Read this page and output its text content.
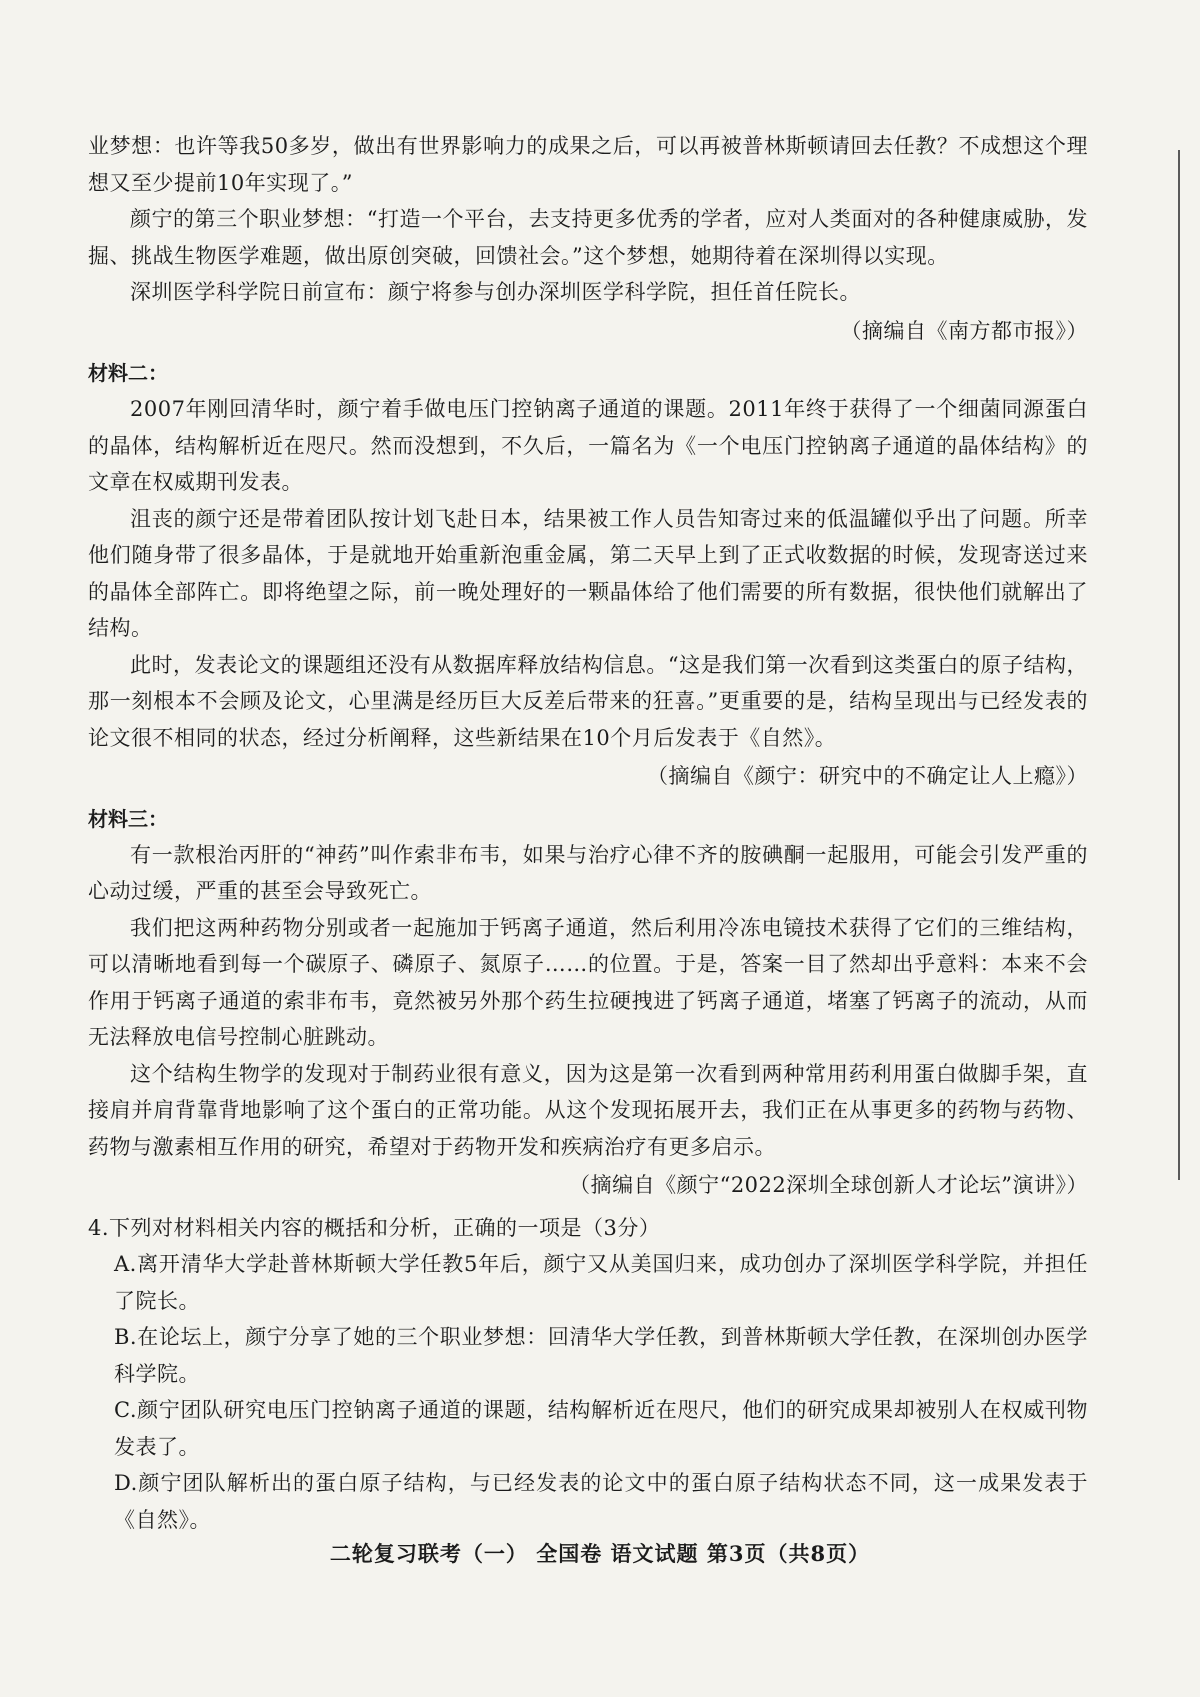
业梦想：也许等我50多岁，做出有世界影响力的成果之后，可以再被普林斯顿请回去任教？不成想这个理想又至少提前10年实现了。”

颜宁的第三个职业梦想：“打造一个平台，去支持更多优秀的学者，应对人类面对的各种健康威胁，发掘、挑战生物医学难题，做出原创突破，回馈社会。”这个梦想，她期待着在深圳得以实现。

深圳医学科学院日前宣布：颜宁将参与创办深圳医学科学院，担任首任院长。

（摘编自《南方都市报》）

材料二：

2007年刚回清华时，颜宁着手做电压门控钠离子通道的课题。2011年终于获得了一个细菌同源蛋白的晶体，结构解析近在咫尺。然而没想到，不久后，一篇名为《一个电压门控钠离子通道的晶体结构》的文章在权威期刊发表。

沮丧的颜宁还是带着团队按计划飞赴日本，结果被工作人员告知寄过来的低温罐似乎出了问题。所幸他们随身带了很多晶体，于是就地开始重新泡重金属，第二天早上到了正式收数据的时候，发现寄送过来的晶体全部阵亡。即将绝望之际，前一晚处理好的一颗晶体给了他们需要的所有数据，很快他们就解出了结构。

此时，发表论文的课题组还没有从数据库释放结构信息。“这是我们第一次看到这类蛋白的原子结构，那一刻根本不会顾及论文，心里满是经历巨大反差后带来的狂喜。”更重要的是，结构呈现出与已经发表的论文很不相同的状态，经过分析阐释，这些新结果在10个月后发表于《自然》。

（摘编自《颜宁：研究中的不确定让人上瘾》）

材料三：

有一款根治丙肝的“神药”叫作索非布韦，如果与治疗心律不齐的胺碘酮一起服用，可能会引发严重的心动过缓，严重的甚至会导致死亡。

我们把这两种药物分别或者一起施加于钙离子通道，然后利用冷冻电镜技术获得了它们的三维结构，可以清晰地看到每一个碳原子、磷原子、氮原子……的位置。于是，答案一目了然却出乎意料：本来不会作用于钙离子通道的索非布韦，竟然被另外那个药生拉硬拽进了钙离子通道，堵塞了钙离子的流动，从而无法释放电信号控制心脏跳动。

这个结构生物学的发现对于制药业很有意义，因为这是第一次看到两种常用药利用蛋白做脚手架，直接肩并肩背靠背地影响了这个蛋白的正常功能。从这个发现拓展开去，我们正在从事更多的药物与药物、药物与激素相互作用的研究，希望对于药物开发和疾病治疗有更多启示。

（摘编自《颜宁“2022深圳全球创新人才论坛”演讲》）

4.下列对材料相关内容的概括和分析，正确的一项是（3分）

A.离开清华大学赴普林斯顿大学任教5年后，颜宁又从美国归来，成功创办了深圳医学科学院，并担任了院长。

B.在论坛上，颜宁分享了她的三个职业梦想：回清华大学任教，到普林斯顿大学任教，在深圳创办医学科学院。

C.颜宁团队研究电压门控钠离子通道的课题，结构解析近在咫尺，他们的研究成果却被别人在权威刊物发表了。

D.颜宁团队解析出的蛋白原子结构，与已经发表的论文中的蛋白原子结构状态不同，这一成果发表于《自然》。

二轮复习联考（一） 全国卷 语文试题 第3页（共8页）
